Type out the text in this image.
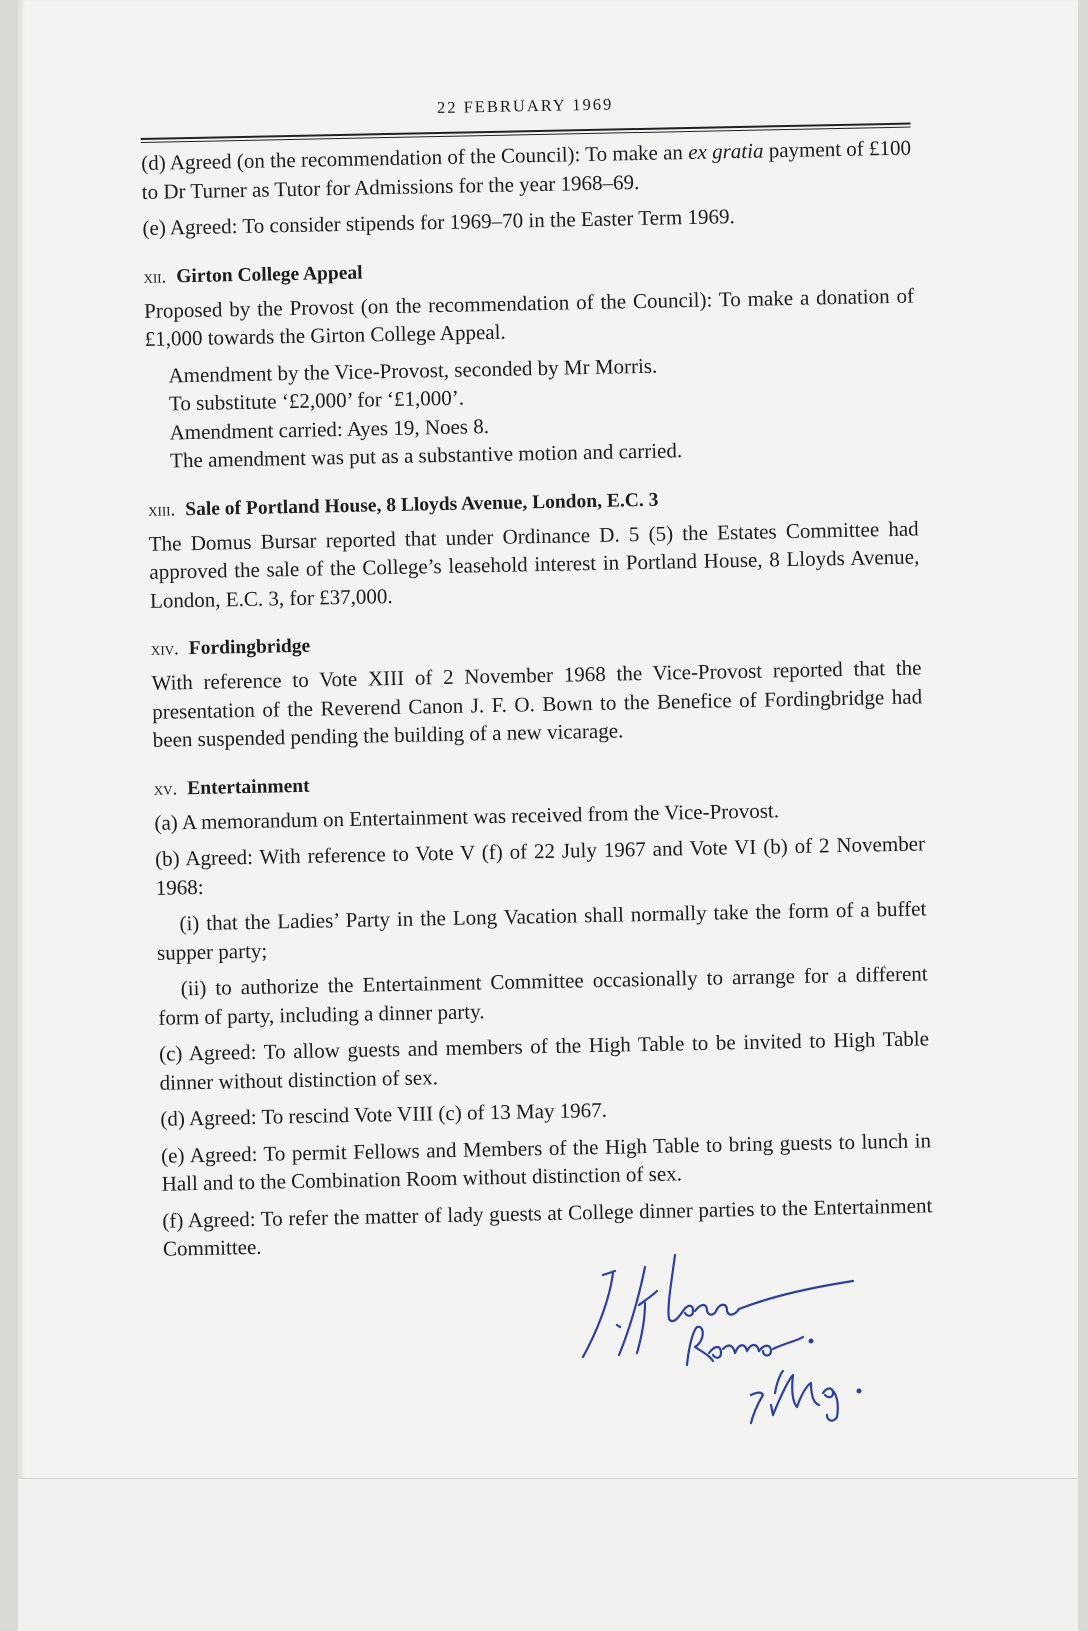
22 FEBRUARY 1969

(d) Agreed (on the recommendation of the Council): To make an ex gratia payment of £100 to Dr Turner as Tutor for Admissions for the year 1968–69.

(e) Agreed: To consider stipends for 1969–70 in the Easter Term 1969.

xii. Girton College Appeal

Proposed by the Provost (on the recommendation of the Council): To make a donation of £1,000 towards the Girton College Appeal.

Amendment by the Vice-Provost, seconded by Mr Morris.

To substitute ‘£2,000’ for ‘£1,000’.

Amendment carried: Ayes 19, Noes 8.

The amendment was put as a substantive motion and carried.

xiii. Sale of Portland House, 8 Lloyds Avenue, London, E.C. 3

The Domus Bursar reported that under Ordinance D. 5 (5) the Estates Committee had approved the sale of the College’s leasehold interest in Portland House, 8 Lloyds Avenue, London, E.C. 3, for £37,000.

xiv. Fordingbridge

With reference to Vote XIII of 2 November 1968 the Vice-Provost reported that the presentation of the Reverend Canon J. F. O. Bown to the Benefice of Fordingbridge had been suspended pending the building of a new vicarage.

xv. Entertainment

(a) A memorandum on Entertainment was received from the Vice-Provost.

(b) Agreed: With reference to Vote V (f) of 22 July 1967 and Vote VI (b) of 2 November 1968:

(i) that the Ladies’ Party in the Long Vacation shall normally take the form of a buffet supper party;

(ii) to authorize the Entertainment Committee occasionally to arrange for a different form of party, including a dinner party.

(c) Agreed: To allow guests and members of the High Table to be invited to High Table dinner without distinction of sex.

(d) Agreed: To rescind Vote VIII (c) of 13 May 1967.

(e) Agreed: To permit Fellows and Members of the High Table to bring guests to lunch in Hall and to the Combination Room without distinction of sex.

(f) Agreed: To refer the matter of lady guests at College dinner parties to the Entertainment Committee.
